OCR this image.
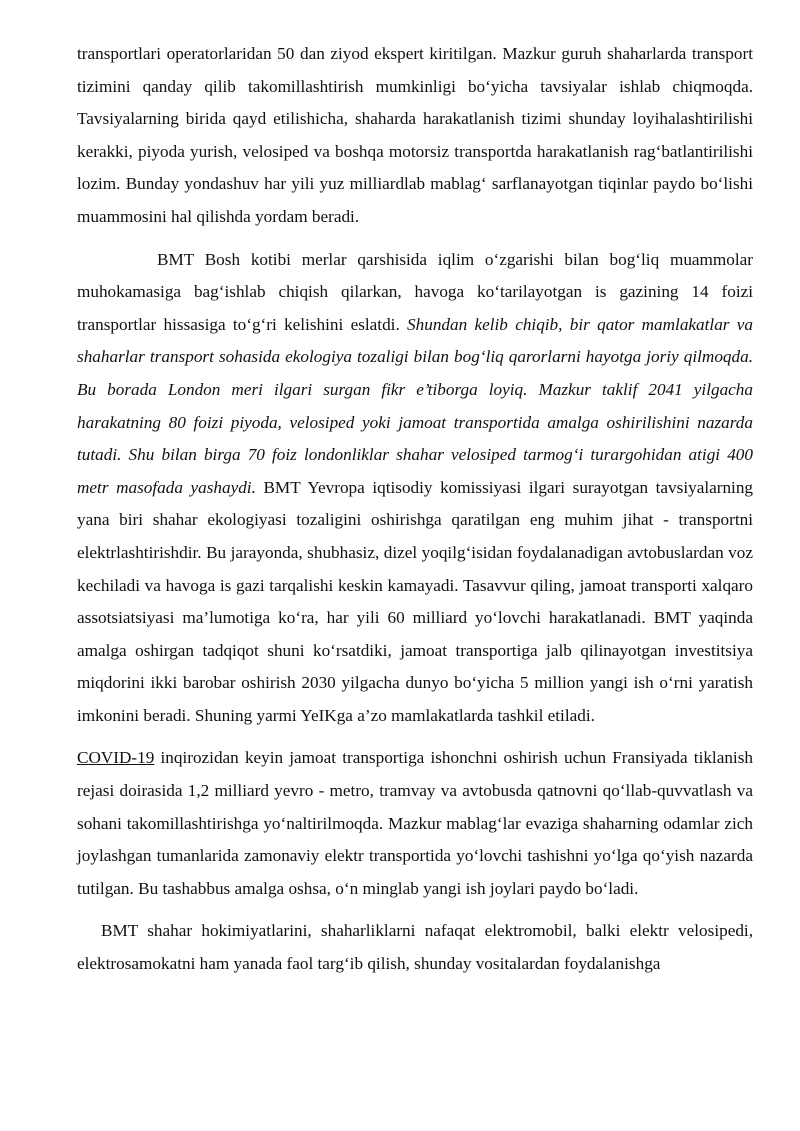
transportlari operatorlaridan 50 dan ziyod ekspert kiritilgan. Mazkur guruh shaharlarda transport tizimini qanday qilib takomillashtirish mumkinligi bo‘yicha tavsiyalar ishlab chiqmoqda. Tavsiyalarning birida qayd etilishicha, shaharda harakatlanish tizimi shunday loyihalashtirilishi kerakki, piyoda yurish, velosiped va boshqa motorsiz transportda harakatlanish rag‘batlantirilishi lozim. Bunday yondashuv har yili yuz milliardlab mablag‘ sarflanayotgan tiqinlar paydo bo‘lishi muammosini hal qilishda yordam beradi.

BMT Bosh kotibi merlar qarshisida iqlim o‘zgarishi bilan bog‘liq muammolar muhokamasiga bag‘ishlab chiqish qilarkan, havoga ko‘tarilayotgan is gazining 14 foizi transportlar hissasiga to‘g‘ri kelishini eslatdi. Shundan kelib chiqib, bir qator mamlakatlar va shaharlar transport sohasida ekologiya tozaligi bilan bog‘liq qarorlarni hayotga joriy qilmoqda. Bu borada London meri ilgari surgan fikr e’tiborga loyiq. Mazkur taklif 2041 yilgacha harakatning 80 foizi piyoda, velosiped yoki jamoat transportida amalga oshirilishini nazarda tutadi. Shu bilan birga 70 foiz londonliklar shahar velosiped tarmog‘i turargohidan atigi 400 metr masofada yashaydi. BMT Yevropa iqtisodiy komissiyasi ilgari surayotgan tavsiyalarning yana biri shahar ekologiyasi tozaligini oshirishga qaratilgan eng muhim jihat - transportni elektrlashtirishdir. Bu jarayonda, shubhasiz, dizel yoqilg‘isidan foydalanadigan avtobuslardan voz kechiladi va havoga is gazi tarqalishi keskin kamayadi. Tasavvur qiling, jamoat transporti xalqaro assotsiatsiyasi ma’lumotiga ko‘ra, har yili 60 milliard yo‘lovchi harakatlanadi. BMT yaqinda amalga oshirgan tadqiqot shuni ko‘rsatdiki, jamoat transportiga jalb qilinayotgan investitsiya miqdorini ikki barobar oshirish 2030 yilgacha dunyo bo‘yicha 5 million yangi ish o‘rni yaratish imkonini beradi. Shuning yarmi YeIKga a’zo mamlakatlarda tashkil etiladi.

COVID-19 inqirozidan keyin jamoat transportiga ishonchni oshirish uchun Fransiyada tiklanish rejasi doirasida 1,2 milliard yevro - metro, tramvay va avtobusda qatnovni qo‘llab-quvvatlash va sohani takomillashtirishga yo‘naltirilmoqda. Mazkur mablag‘lar evaziga shaharning odamlar zich joylashgan tumanlarida zamonaviy elektr transportida yo‘lovchi tashishni yo‘lga qo‘yish nazarda tutilgan. Bu tashabbus amalga oshsa, o‘n minglab yangi ish joylari paydo bo‘ladi.

BMT shahar hokimiyatlarini, shaharliklarni nafaqat elektromobil, balki elektr velosipedi, elektrosamokatni ham yanada faol targ‘ib qilish, shunday vositalardan foydalanishga
